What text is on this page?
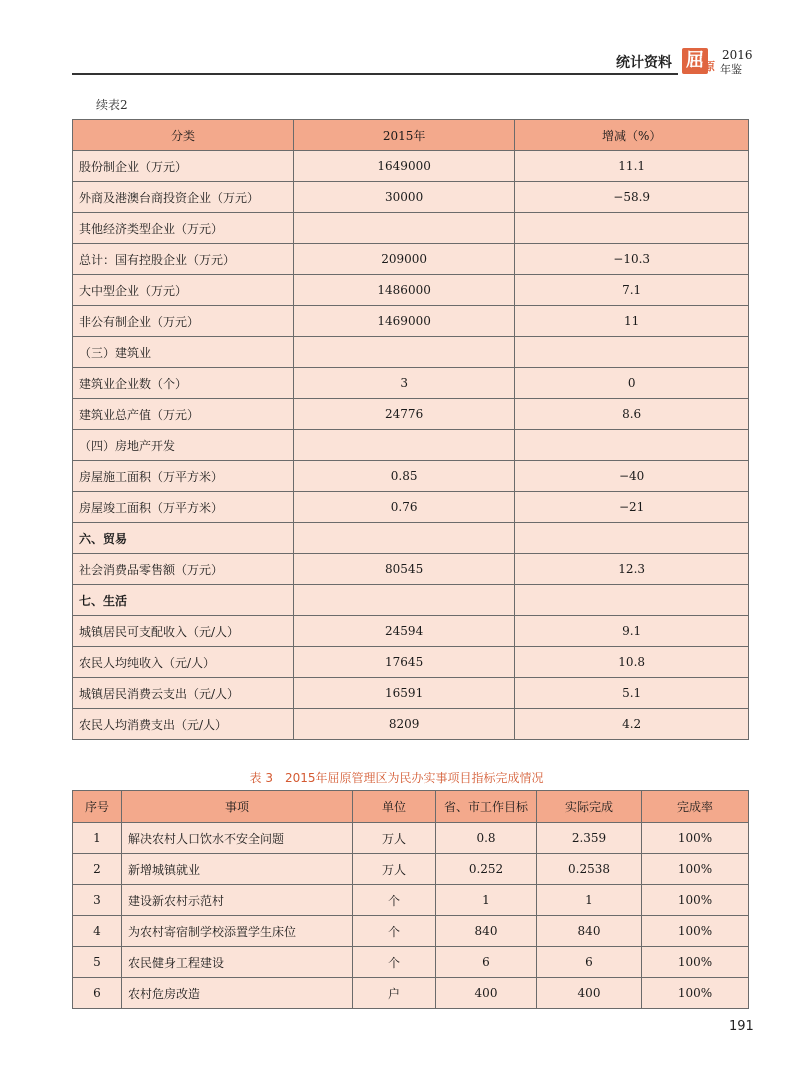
统计资料 屈 原
2016
年鉴
续表2
分类	2015年	增减（%）
股份制企业（万元）	1649000	11.1
外商及港澳台商投资企业（万元）	30000	−58.9
其他经济类型企业（万元）		
总计：国有控股企业（万元）	209000	−10.3
大中型企业（万元）	1486000	7.1
非公有制企业（万元）	1469000	11
（三）建筑业		
建筑业企业数（个）	3	0
建筑业总产值（万元）	24776	8.6
（四）房地产开发		
房屋施工面积（万平方米）	0.85	−40
房屋竣工面积（万平方米）	0.76	−21
六、贸易		
社会消费品零售额（万元）	80545	12.3
七、生活		
城镇居民可支配收入（元/人）	24594	9.1
农民人均纯收入（元/人）	17645	10.8
城镇居民消费云支出（元/人）	16591	5.1
农民人均消费支出（元/人）	8209	4.2
表 3　2015年屈原管理区为民办实事项目指标完成情况
序号	事项	单位	省、市工作目标	实际完成	完成率
1	解决农村人口饮水不安全问题	万人	0.8	2.359	100%
2	新增城镇就业	万人	0.252	0.2538	100%
3	建设新农村示范村	个	1	1	100%
4	为农村寄宿制学校添置学生床位	个	840	840	100%
5	农民健身工程建设	个	6	6	100%
6	农村危房改造	户	400	400	100%
191
